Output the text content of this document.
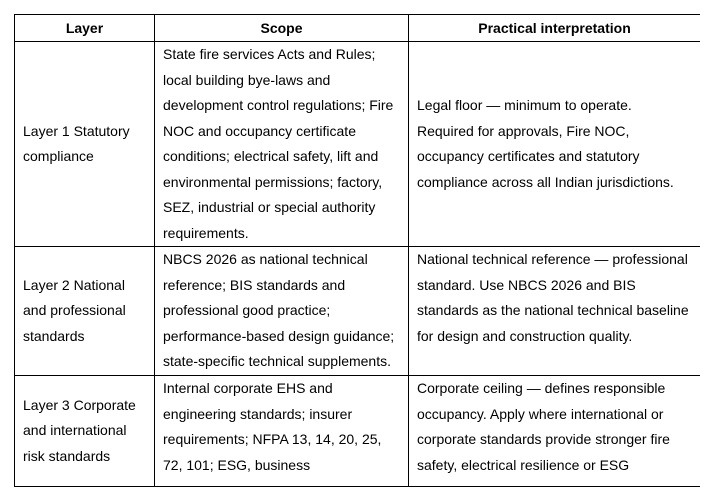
Layer	Scope	Practical interpretation
Layer 1 Statutory compliance	State fire services Acts and Rules; local building bye-laws and development control regulations; Fire NOC and occupancy certificate conditions; electrical safety, lift and environmental permissions; factory, SEZ, industrial or special authority requirements.	Legal floor — minimum to operate. Required for approvals, Fire NOC, occupancy certificates and statutory compliance across all Indian jurisdictions.
Layer 2 National and professional standards	NBCS 2026 as national technical reference; BIS standards and professional good practice; performance-based design guidance; state-specific technical supplements.	National technical reference — professional standard. Use NBCS 2026 and BIS standards as the national technical baseline for design and construction quality.
Layer 3 Corporate and international risk standards	Internal corporate EHS and engineering standards; insurer requirements; NFPA 13, 14, 20, 25, 72, 101; ESG, business	Corporate ceiling — defines responsible occupancy. Apply where international or corporate standards provide stronger fire safety, electrical resilience or ESG
